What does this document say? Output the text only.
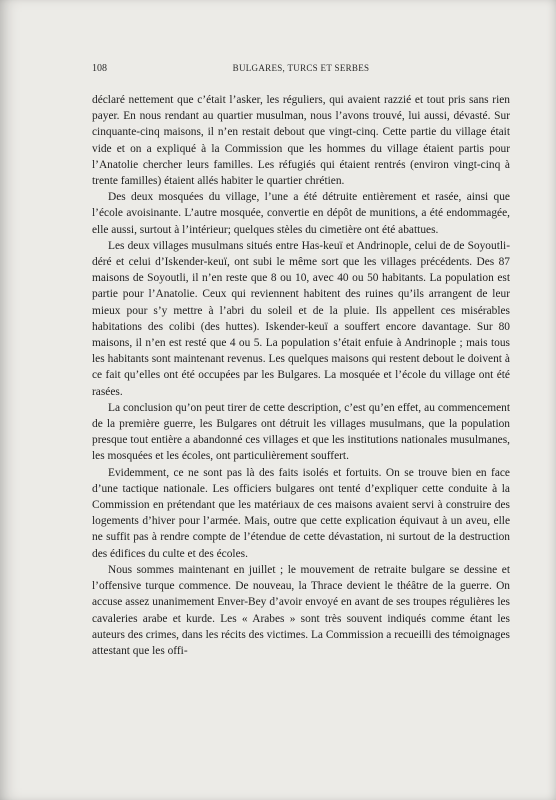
108	BULGARES, TURCS ET SERBES

déclaré nettement que c’était l’asker, les réguliers, qui avaient razzié et tout pris sans rien payer. En nous rendant au quartier musulman, nous l’avons trouvé, lui aussi, dévasté. Sur cinquante-cinq maisons, il n’en restait debout que vingt-cinq. Cette partie du village était vide et on a expliqué à la Commission que les hommes du village étaient partis pour l’Anatolie chercher leurs familles. Les réfugiés qui étaient rentrés (environ vingt-cinq à trente familles) étaient allés habiter le quartier chrétien.

Des deux mosquées du village, l’une a été détruite entièrement et rasée, ainsi que l’école avoisinante. L’autre mosquée, convertie en dépôt de munitions, a été endommagée, elle aussi, surtout à l’intérieur; quelques stèles du cimetière ont été abattues.

Les deux villages musulmans situés entre Has-keuï et Andrinople, celui de de Soyoutli-déré et celui d’Iskender-keuï, ont subi le même sort que les villages précédents. Des 87 maisons de Soyoutli, il n’en reste que 8 ou 10, avec 40 ou 50 habitants. La population est partie pour l’Anatolie. Ceux qui reviennent habitent des ruines qu’ils arrangent de leur mieux pour s’y mettre à l’abri du soleil et de la pluie. Ils appellent ces misérables habitations des colibi (des huttes). Iskender-keuï a souffert encore davantage. Sur 80 maisons, il n’en est resté que 4 ou 5. La population s’était enfuie à Andrinople ; mais tous les habitants sont maintenant revenus. Les quelques maisons qui restent debout le doivent à ce fait qu’elles ont été occupées par les Bulgares. La mosquée et l’école du village ont été rasées.

La conclusion qu’on peut tirer de cette description, c’est qu’en effet, au commencement de la première guerre, les Bulgares ont détruit les villages musulmans, que la population presque tout entière a abandonné ces villages et que les institutions nationales musulmanes, les mosquées et les écoles, ont particulièrement souffert.

Evidemment, ce ne sont pas là des faits isolés et fortuits. On se trouve bien en face d’une tactique nationale. Les officiers bulgares ont tenté d’expliquer cette conduite à la Commission en prétendant que les matériaux de ces maisons avaient servi à construire des logements d’hiver pour l’armée. Mais, outre que cette explication équivaut à un aveu, elle ne suffit pas à rendre compte de l’étendue de cette dévastation, ni surtout de la destruction des édifices du culte et des écoles.

Nous sommes maintenant en juillet ; le mouvement de retraite bulgare se dessine et l’offensive turque commence. De nouveau, la Thrace devient le théâtre de la guerre. On accuse assez unanimement Enver-Bey d’avoir envoyé en avant de ses troupes régulières les cavaleries arabe et kurde. Les « Arabes » sont très souvent indiqués comme étant les auteurs des crimes, dans les récits des victimes. La Commission a recueilli des témoignages attestant que les offi-
